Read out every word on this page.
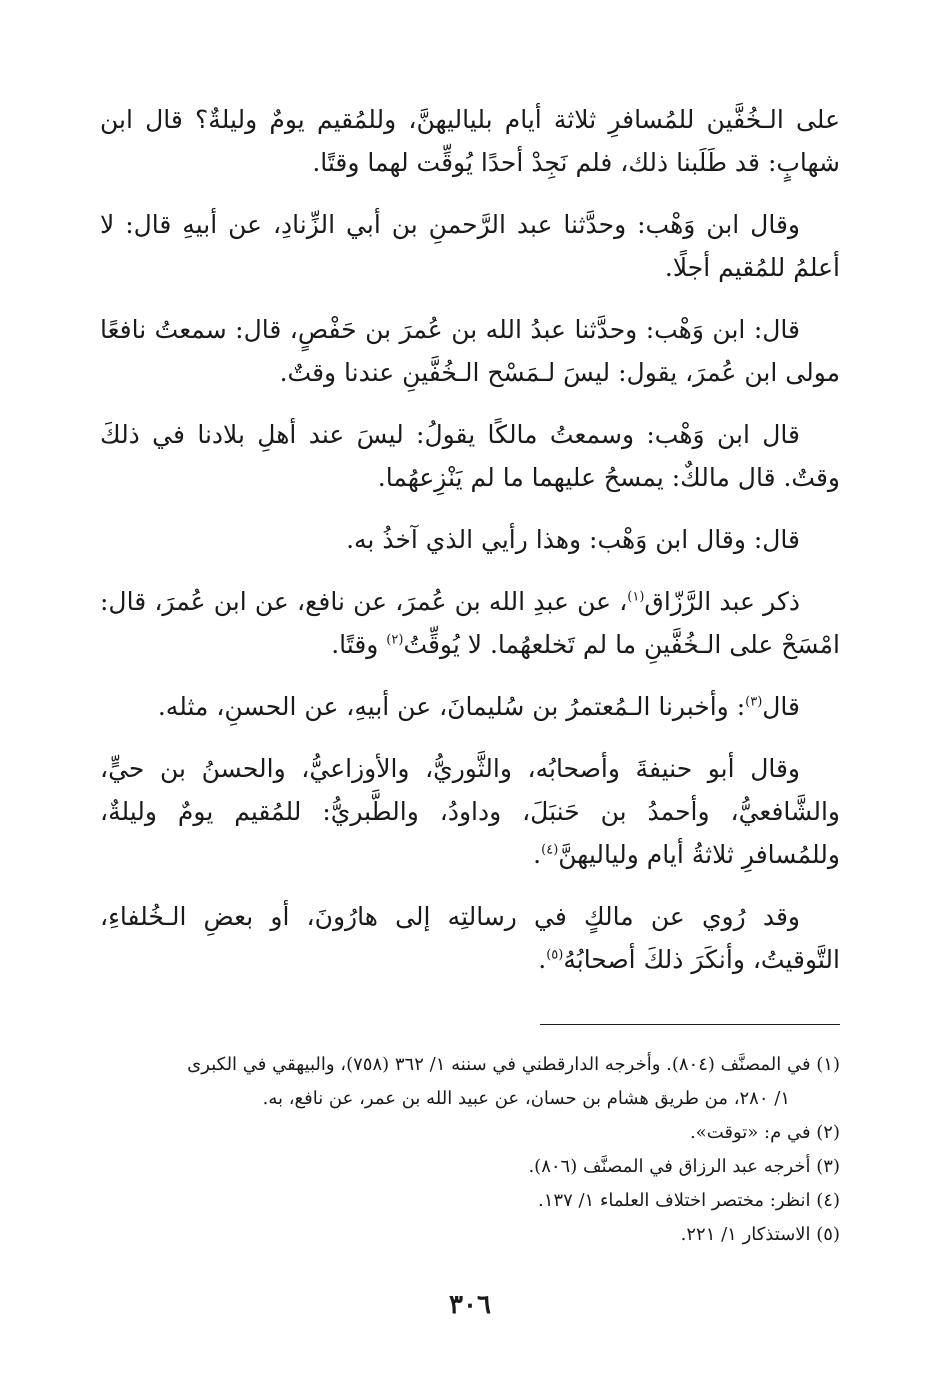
على الـخُفَّين للمُسافرِ ثلاثة أيام بلياليهنَّ، وللمُقيم يومٌ وليلةٌ؟ قال ابن شهابٍ: قد طَلَبنا ذلك، فلم نَجِدْ أحدًا يُوقِّت لهما وقتًا.

وقال ابن وَهْب: وحدَّثنا عبد الرَّحمنِ بن أبي الزِّنادِ، عن أبيهِ قال: لا أعلمُ للمُقيم أجلًا.

قال: ابن وَهْب: وحدَّثنا عبدُ الله بن عُمرَ بن حَفْصٍ، قال: سمعتُ نافعًا مولى ابن عُمرَ، يقول: ليسَ لـمَسْح الـخُفَّينِ عندنا وقتٌ.

قال ابن وَهْب: وسمعتُ مالكًا يقولُ: ليسَ عند أهلِ بلادنا في ذلكَ وقتٌ. قال مالكٌ: يمسحُ عليهما ما لم يَنْزِعهُما.

قال: وقال ابن وَهْب: وهذا رأيي الذي آخذُ به.

ذكر عبد الرَّزّاق$^{(١)}$، عن عبدِ الله بن عُمرَ، عن نافع، عن ابن عُمرَ، قال: امْسَحْ على الـخُفَّينِ ما لم تَخلعهُما. لا يُوقِّتُ$^{(٢)}$ وقتًا.

قال$^{(٣)}$: وأخبرنا الـمُعتمرُ بن سُليمانَ، عن أبيهِ، عن الحسنِ، مثله.

وقال أبو حنيفةَ وأصحابُه، والثَّوريُّ، والأوزاعيُّ، والحسنُ بن حيٍّ، والشَّافعيُّ، وأحمدُ بن حَنبَلَ، وداودُ، والطَّبريُّ: للمُقيم يومٌ وليلةٌ، وللمُسافرِ ثلاثةُ أيام ولياليهنَّ$^{(٤)}$.

وقد رُوي عن مالكٍ في رسالتِه إلى هارُونَ، أو بعضِ الـخُلفاءِ، التَّوقيتُ، وأنكَرَ ذلكَ أصحابُهُ$^{(٥)}$.

(١) في المصنَّف (٨٠٤). وأخرجه الدارقطني في سننه ١/ ٣٦٢ (٧٥٨)، والبيهقي في الكبرى

١/ ٢٨٠، من طريق هشام بن حسان، عن عبيد الله بن عمر، عن نافع، به.

(٢) في م: «توقت».

(٣) أخرجه عبد الرزاق في المصنَّف (٨٠٦).

(٤) انظر: مختصر اختلاف العلماء ١/ ١٣٧.

(٥) الاستذكار ١/ ٢٢١.

٣٠٦
